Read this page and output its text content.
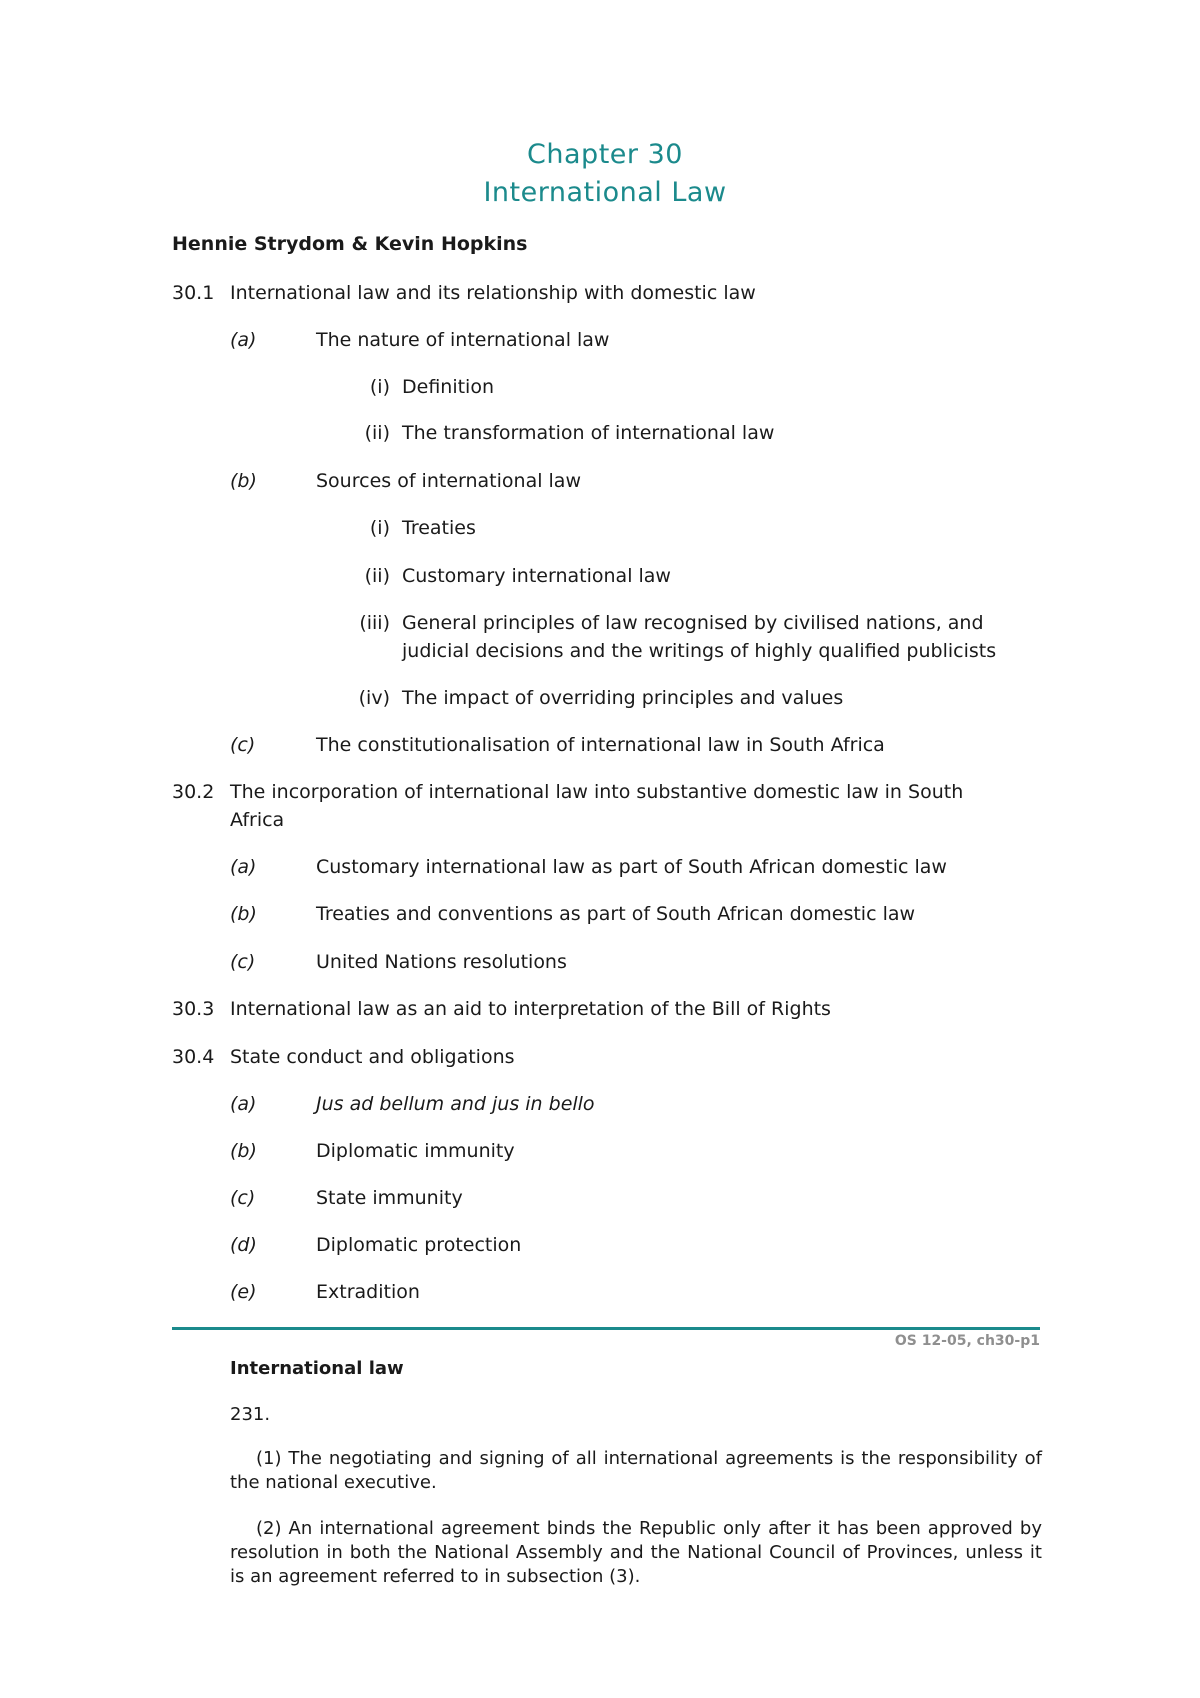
Chapter 30
International Law
Hennie Strydom & Kevin Hopkins
30.1 International law and its relationship with domestic law
(a)	The nature of international law
(i) Definition
(ii) The transformation of international law
(b)	Sources of international law
(i) Treaties
(ii) Customary international law
(iii) General principles of law recognised by civilised nations, and
judicial decisions and the writings of highly qualified publicists
(iv) The impact of overriding principles and values
(c)	The constitutionalisation of international law in South Africa
30.2 The incorporation of international law into substantive domestic law in South
Africa
(a)	Customary international law as part of South African domestic law
(b)	Treaties and conventions as part of South African domestic law
(c)	United Nations resolutions
30.3 International law as an aid to interpretation of the Bill of Rights
30.4 State conduct and obligations
(a)	Jus ad bellum and jus in bello
(b)	Diplomatic immunity
(c)	State immunity
(d)	Diplomatic protection
(e)	Extradition
OS 12-05, ch30-p1
International law
231.

(1) The negotiating and signing of all international agreements is the responsibility of the national executive.

(2) An international agreement binds the Republic only after it has been approved by resolution in both the National Assembly and the National Council of Provinces, unless it is an agreement referred to in subsection (3).
